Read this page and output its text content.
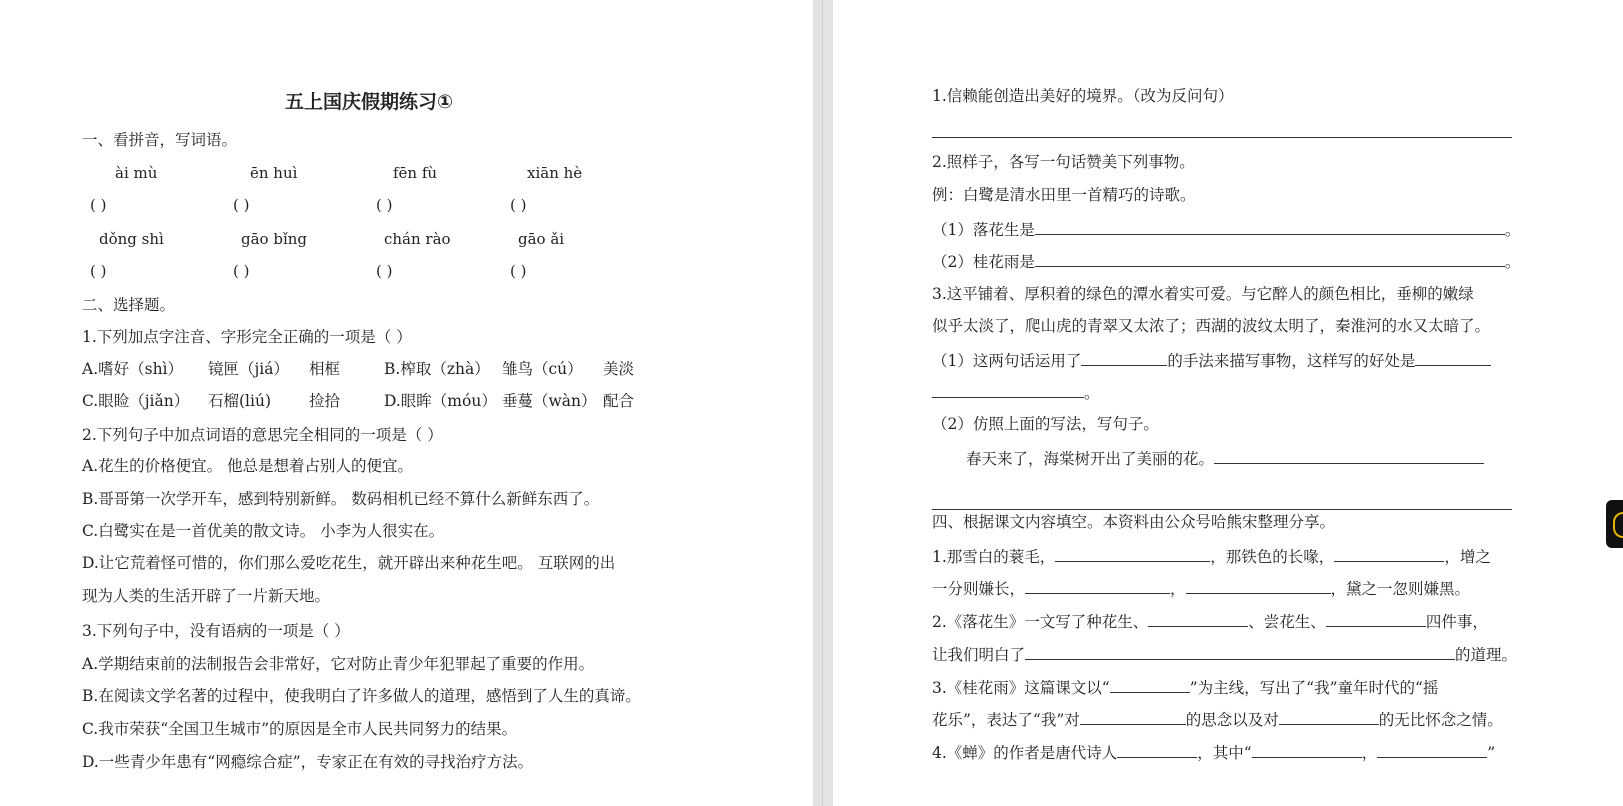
五上国庆假期练习①
一、看拼音，写词语。
ài mù	ēn huì	fēn fù	xiān hè
( )	( )	( )	( )
dǒng shì	gāo bǐng	chán rào	gāo ǎi
( )	( )	( )	( )
二、选择题。
1.下列加点字注音、字形完全正确的一项是（ ）
A.嗜好（shì） 镜匣（jiá） 相框	B.榨取（zhà） 雏鸟（cú） 美淡
C.眼睑（jiǎn） 石榴(liú) 捡拾	D.眼眸（móu） 垂蔓（wàn） 配合
2.下列句子中加点词语的意思完全相同的一项是（ ）
A.花生的价格便宜。 他总是想着占别人的便宜。
B.哥哥第一次学开车，感到特别新鲜。 数码相机已经不算什么新鲜东西了。
C.白鹭实在是一首优美的散文诗。 小李为人很实在。
D.让它荒着怪可惜的，你们那么爱吃花生，就开辟出来种花生吧。 互联网的出
现为人类的生活开辟了一片新天地。
3.下列句子中，没有语病的一项是（ ）
A.学期结束前的法制报告会非常好，它对防止青少年犯罪起了重要的作用。
B.在阅读文学名著的过程中，使我明白了许多做人的道理，感悟到了人生的真谛。
C.我市荣获“全国卫生城市”的原因是全市人民共同努力的结果。
D.一些青少年患有“网瘾综合症”，专家正在有效的寻找治疗方法。
1.信赖能创造出美好的境界。（改为反问句）
2.照样子，各写一句话赞美下列事物。
例：白鹭是清水田里一首精巧的诗歌。
（1）落花生是	。
（2）桂花雨是	。
3.这平铺着、厚积着的绿色的潭水着实可爱。与它醉人的颜色相比，垂柳的嫩绿
似乎太淡了，爬山虎的青翠又太浓了；西湖的波纹太明了，秦淮河的水又太暗了。
（1）这两句话运用了	的手法来描写事物，这样写的好处是
。
（2）仿照上面的写法，写句子。
春天来了，海棠树开出了美丽的花。
四、根据课文内容填空。本资料由公众号哈熊宋整理分享。
1.那雪白的蓑毛，	，那铁色的长喙，	，增之
一分则嫌长，	，	，黛之一忽则嫌黑。
2.《落花生》一文写了种花生、	、尝花生、	四件事，
让我们明白了	的道理。
3.《桂花雨》这篇课文以“	”为主线，写出了“我”童年时代的“摇
花乐”，表达了“我”对	的思念以及对	的无比怀念之情。
4.《蝉》的作者是唐代诗人	，其中“	，	”
